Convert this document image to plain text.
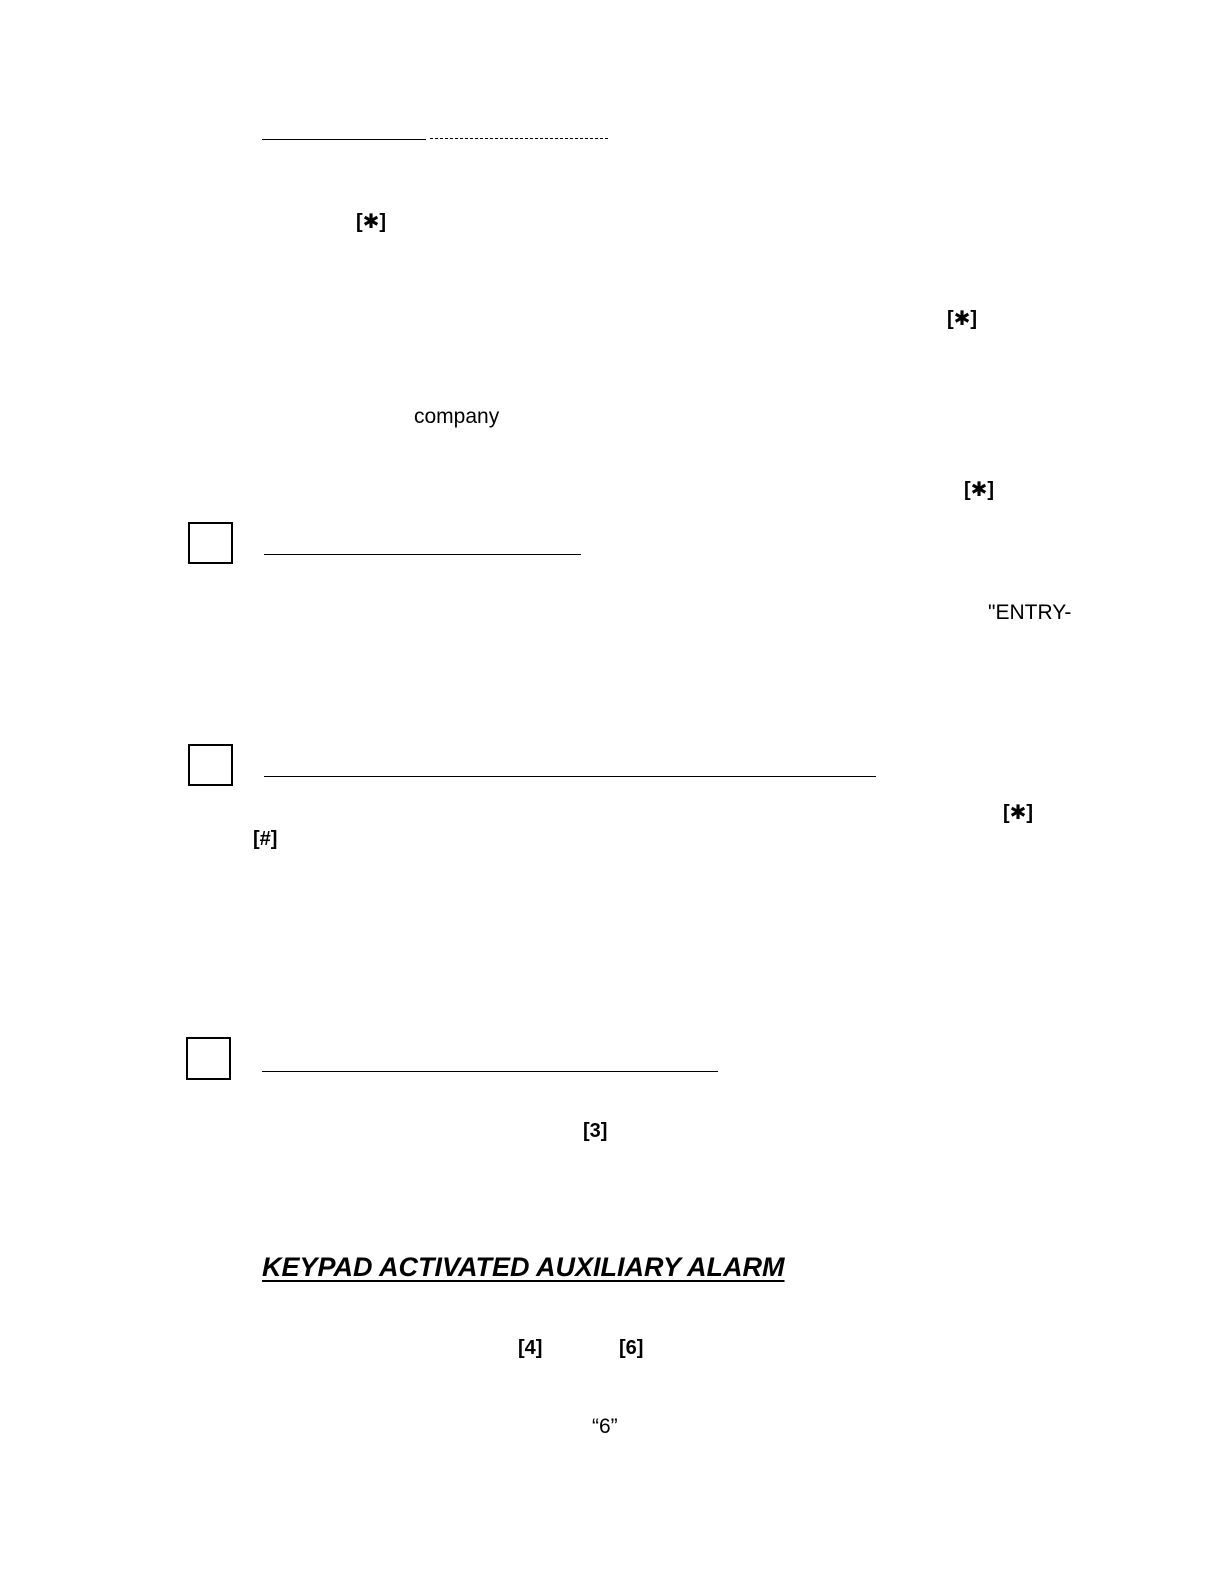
[✱]
[✱]
company
[✱]
"ENTRY-
[✱]
[#]
[3]
KEYPAD ACTIVATED AUXILIARY ALARM
[4]	[6]
“6”
